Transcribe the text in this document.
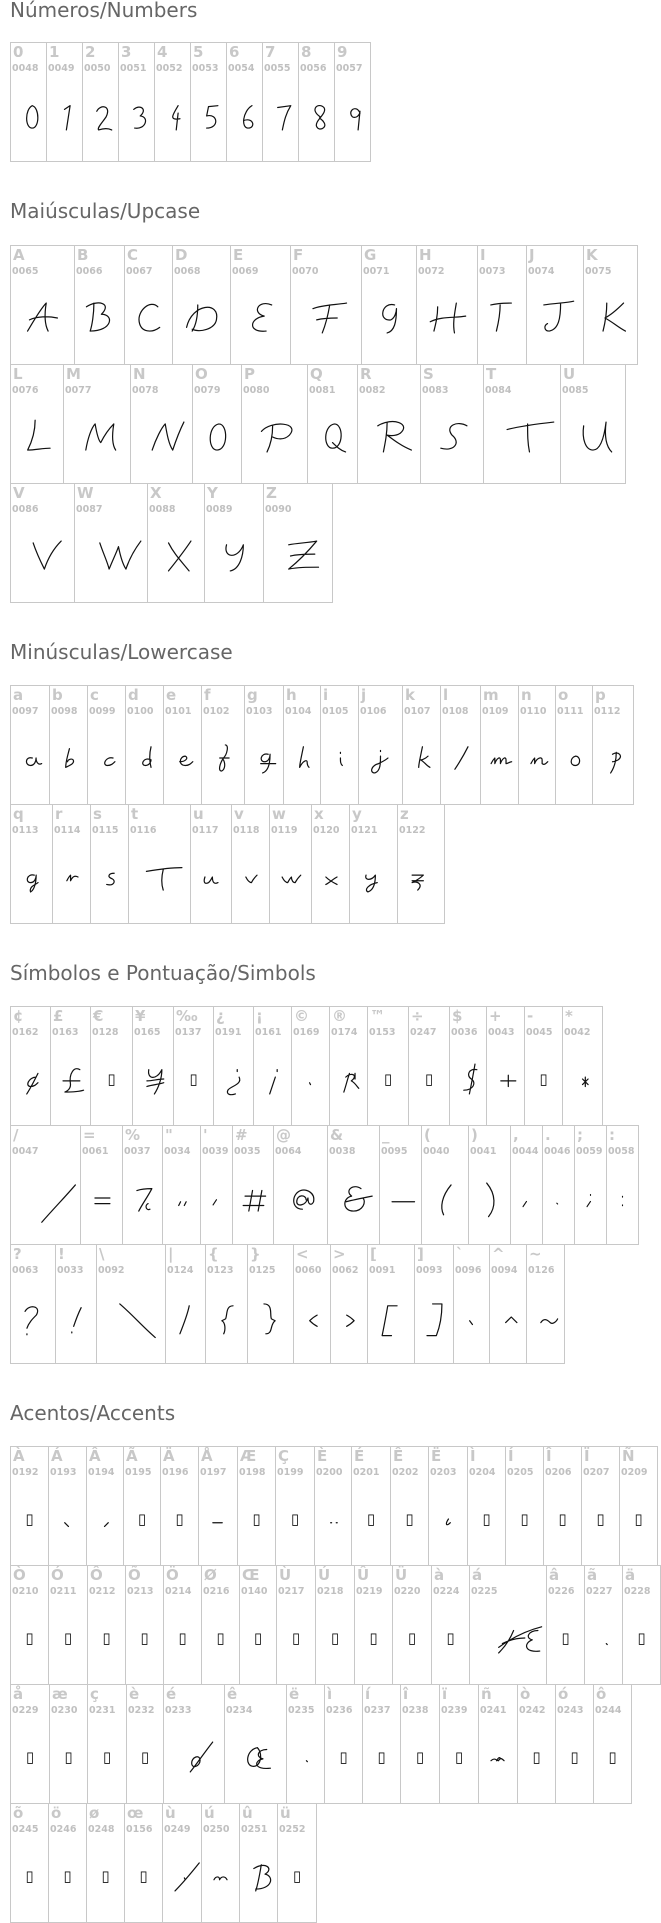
Números/Numbers
0
0048
1
0049
2
0050
3
0051
4
0052
5
0053
6
0054
7
0055
8
0056
9
0057
Maiúsculas/Upcase
A
0065
B
0066
C
0067
D
0068
E
0069
F
0070
G
0071
H
0072
I
0073
J
0074
K
0075
L
0076
M
0077
N
0078
O
0079
P
0080
Q
0081
R
0082
S
0083
T
0084
U
0085
V
0086
W
0087
X
0088
Y
0089
Z
0090
Minúsculas/Lowercase
a
0097
b
0098
c
0099
d
0100
e
0101
f
0102
g
0103
h
0104
i
0105
j
0106
k
0107
l
0108
m
0109
n
0110
o
0111
p
0112
q
0113
r
0114
s
0115
t
0116
u
0117
v
0118
w
0119
x
0120
y
0121
z
0122
Símbolos e Pontuação/Simbols
¢
0162
£
0163
€
0128
▯
¥
0165
‰
0137
▯
¿
0191
¡
0161
©
0169
®
0174
™
0153
▯
÷
0247
▯
$
0036
+
0043
-
0045
▯
*
0042
/
0047
=
0061
%
0037
"
0034
'
0039
#
0035
@
0064
&
0038
_
0095
(
0040
)
0041
,
0044
.
0046
;
0059
:
0058
?
0063
!
0033
\
0092
|
0124
{
0123
}
0125
<
0060
>
0062
[
0091
]
0093
`
0096
^
0094
~
0126
Acentos/Accents
À
0192
▯
Á
0193
Â
0194
Ã
0195
▯
Ä
0196
▯
Å
0197
Æ
0198
▯
Ç
0199
▯
È
0200
É
0201
▯
Ê
0202
▯
Ë
0203
Ì
0204
▯
Í
0205
▯
Î
0206
▯
Ï
0207
▯
Ñ
0209
▯
Ò
0210
▯
Ó
0211
▯
Ô
0212
▯
Õ
0213
▯
Ö
0214
▯
Ø
0216
▯
Œ
0140
▯
Ù
0217
▯
Ú
0218
▯
Û
0219
▯
Ü
0220
▯
à
0224
▯
á
0225
â
0226
▯
ã
0227
ä
0228
▯
å
0229
▯
æ
0230
▯
ç
0231
▯
è
0232
▯
é
0233
ê
0234
ë
0235
ì
0236
▯
í
0237
▯
î
0238
▯
ï
0239
▯
ñ
0241
ò
0242
▯
ó
0243
▯
ô
0244
▯
õ
0245
▯
ö
0246
▯
ø
0248
▯
œ
0156
▯
ù
0249
ú
0250
û
0251
ü
0252
▯
